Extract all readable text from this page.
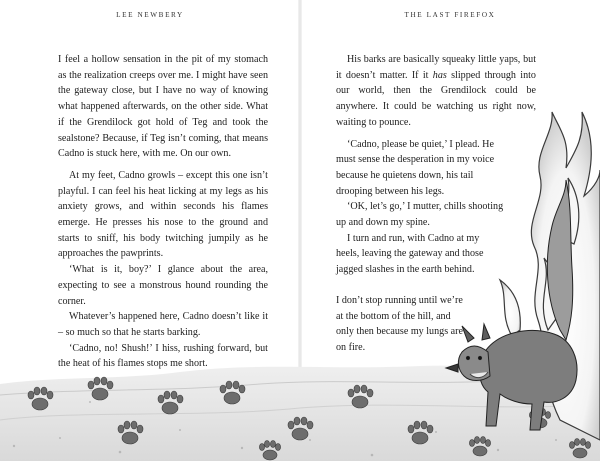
LEE NEWBERY

I feel a hollow sensation in the pit of my stomach as the realization creeps over me. I might have seen the gateway close, but I have no way of knowing what happened afterwards, on the other side. What if the Grendilock got hold of Teg and took the sealstone? Because, if Teg isn’t coming, that means Cadno is stuck here, with me. On our own.

At my feet, Cadno growls – except this one isn’t playful. I can feel his heat licking at my legs as his anxiety grows, and within seconds his flames emerge. He presses his nose to the ground and starts to sniff, his body twitching jumpily as he approaches the pawprints.

‘What is it, boy?’ I glance about the area, expecting to see a monstrous hound rounding the corner.

Whatever’s happened here, Cadno doesn’t like it – so much so that he starts barking.

‘Cadno, no! Shush!’ I hiss, rushing forward, but the heat of his flames stops me short.

THE LAST FIREFOX

His barks are basically squeaky little yaps, but it doesn’t matter. If it has slipped through into our world, then the Grendilock could be anywhere. It could be watching us right now, waiting to pounce.

‘Cadno, please be quiet,’ I plead. He must sense the desperation in my voice because he quietens down, his tail drooping between his legs.

‘OK, let’s go,’ I mutter, chills shooting up and down my spine.

I turn and run, with Cadno at my heels, leaving the gateway and those jagged slashes in the earth behind.

I don’t stop running until we’re at the bottom of the hill, and only then because my lungs are on fire.
